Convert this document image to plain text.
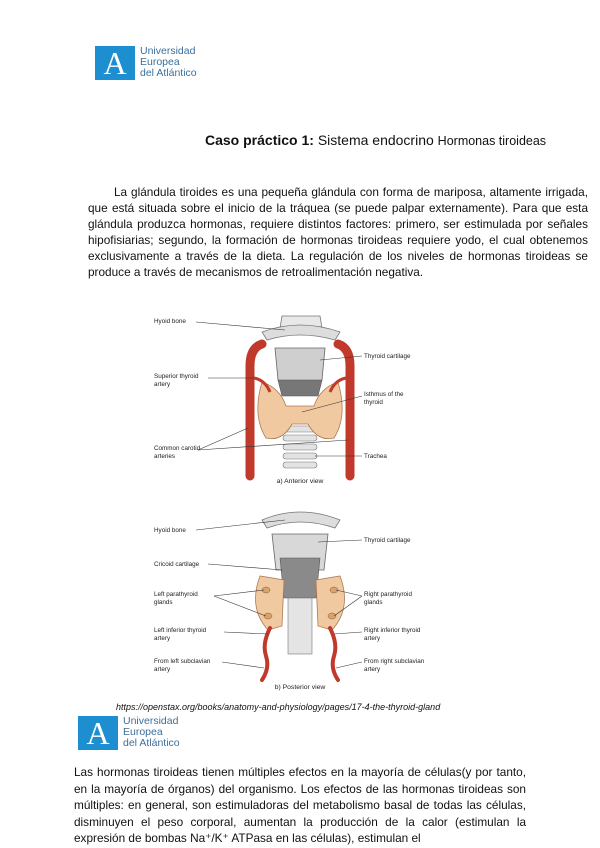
A Universidad
Europea
del Atlántico
Caso práctico 1: Sistema endocrino Hormonas tiroideas
La glándula tiroides es una pequeña glándula con forma de mariposa, altamente irrigada, que está situada sobre el inicio de la tráquea (se puede palpar externamente). Para que esta glándula produzca hormonas, requiere distintos factores: primero, ser estimulada por señales hipofisiarias; segundo, la formación de hormonas tiroideas requiere yodo, el cual obtenemos exclusivamente a través de la dieta. La regulación de los niveles de hormonas tiroideas se produce a través de mecanismos de retroalimentación negativa.
Hyoid bone
Superior thyroid
artery
Common carotid
arteries
Thyroid cartilage
Isthmus of the
thyroid
Trachea
a) Anterior view
Hyoid bone
Cricoid cartilage
Left parathyroid
glands
Left inferior thyroid
artery
From left subclavian
artery
Thyroid cartilage
Right parathyroid
glands
Right inferior thyroid
artery
From right subclavian
artery
b) Posterior view
https://openstax.org/books/anatomy-and-physiology/pages/17-4-the-thyroid-gland
A Universidad
Europea
del Atlántico
Las hormonas tiroideas tienen múltiples efectos en la mayoría de células(y por tanto, en la mayoría de órganos) del organismo. Los efectos de las hormonas tiroideas son múltiples: en general, son estimuladoras del metabolismo basal de todas las células, disminuyen el peso corporal, aumentan la producción de la calor (estimulan la expresión de bombas Na⁺/K⁺ ATPasa en las células), estimulan el
